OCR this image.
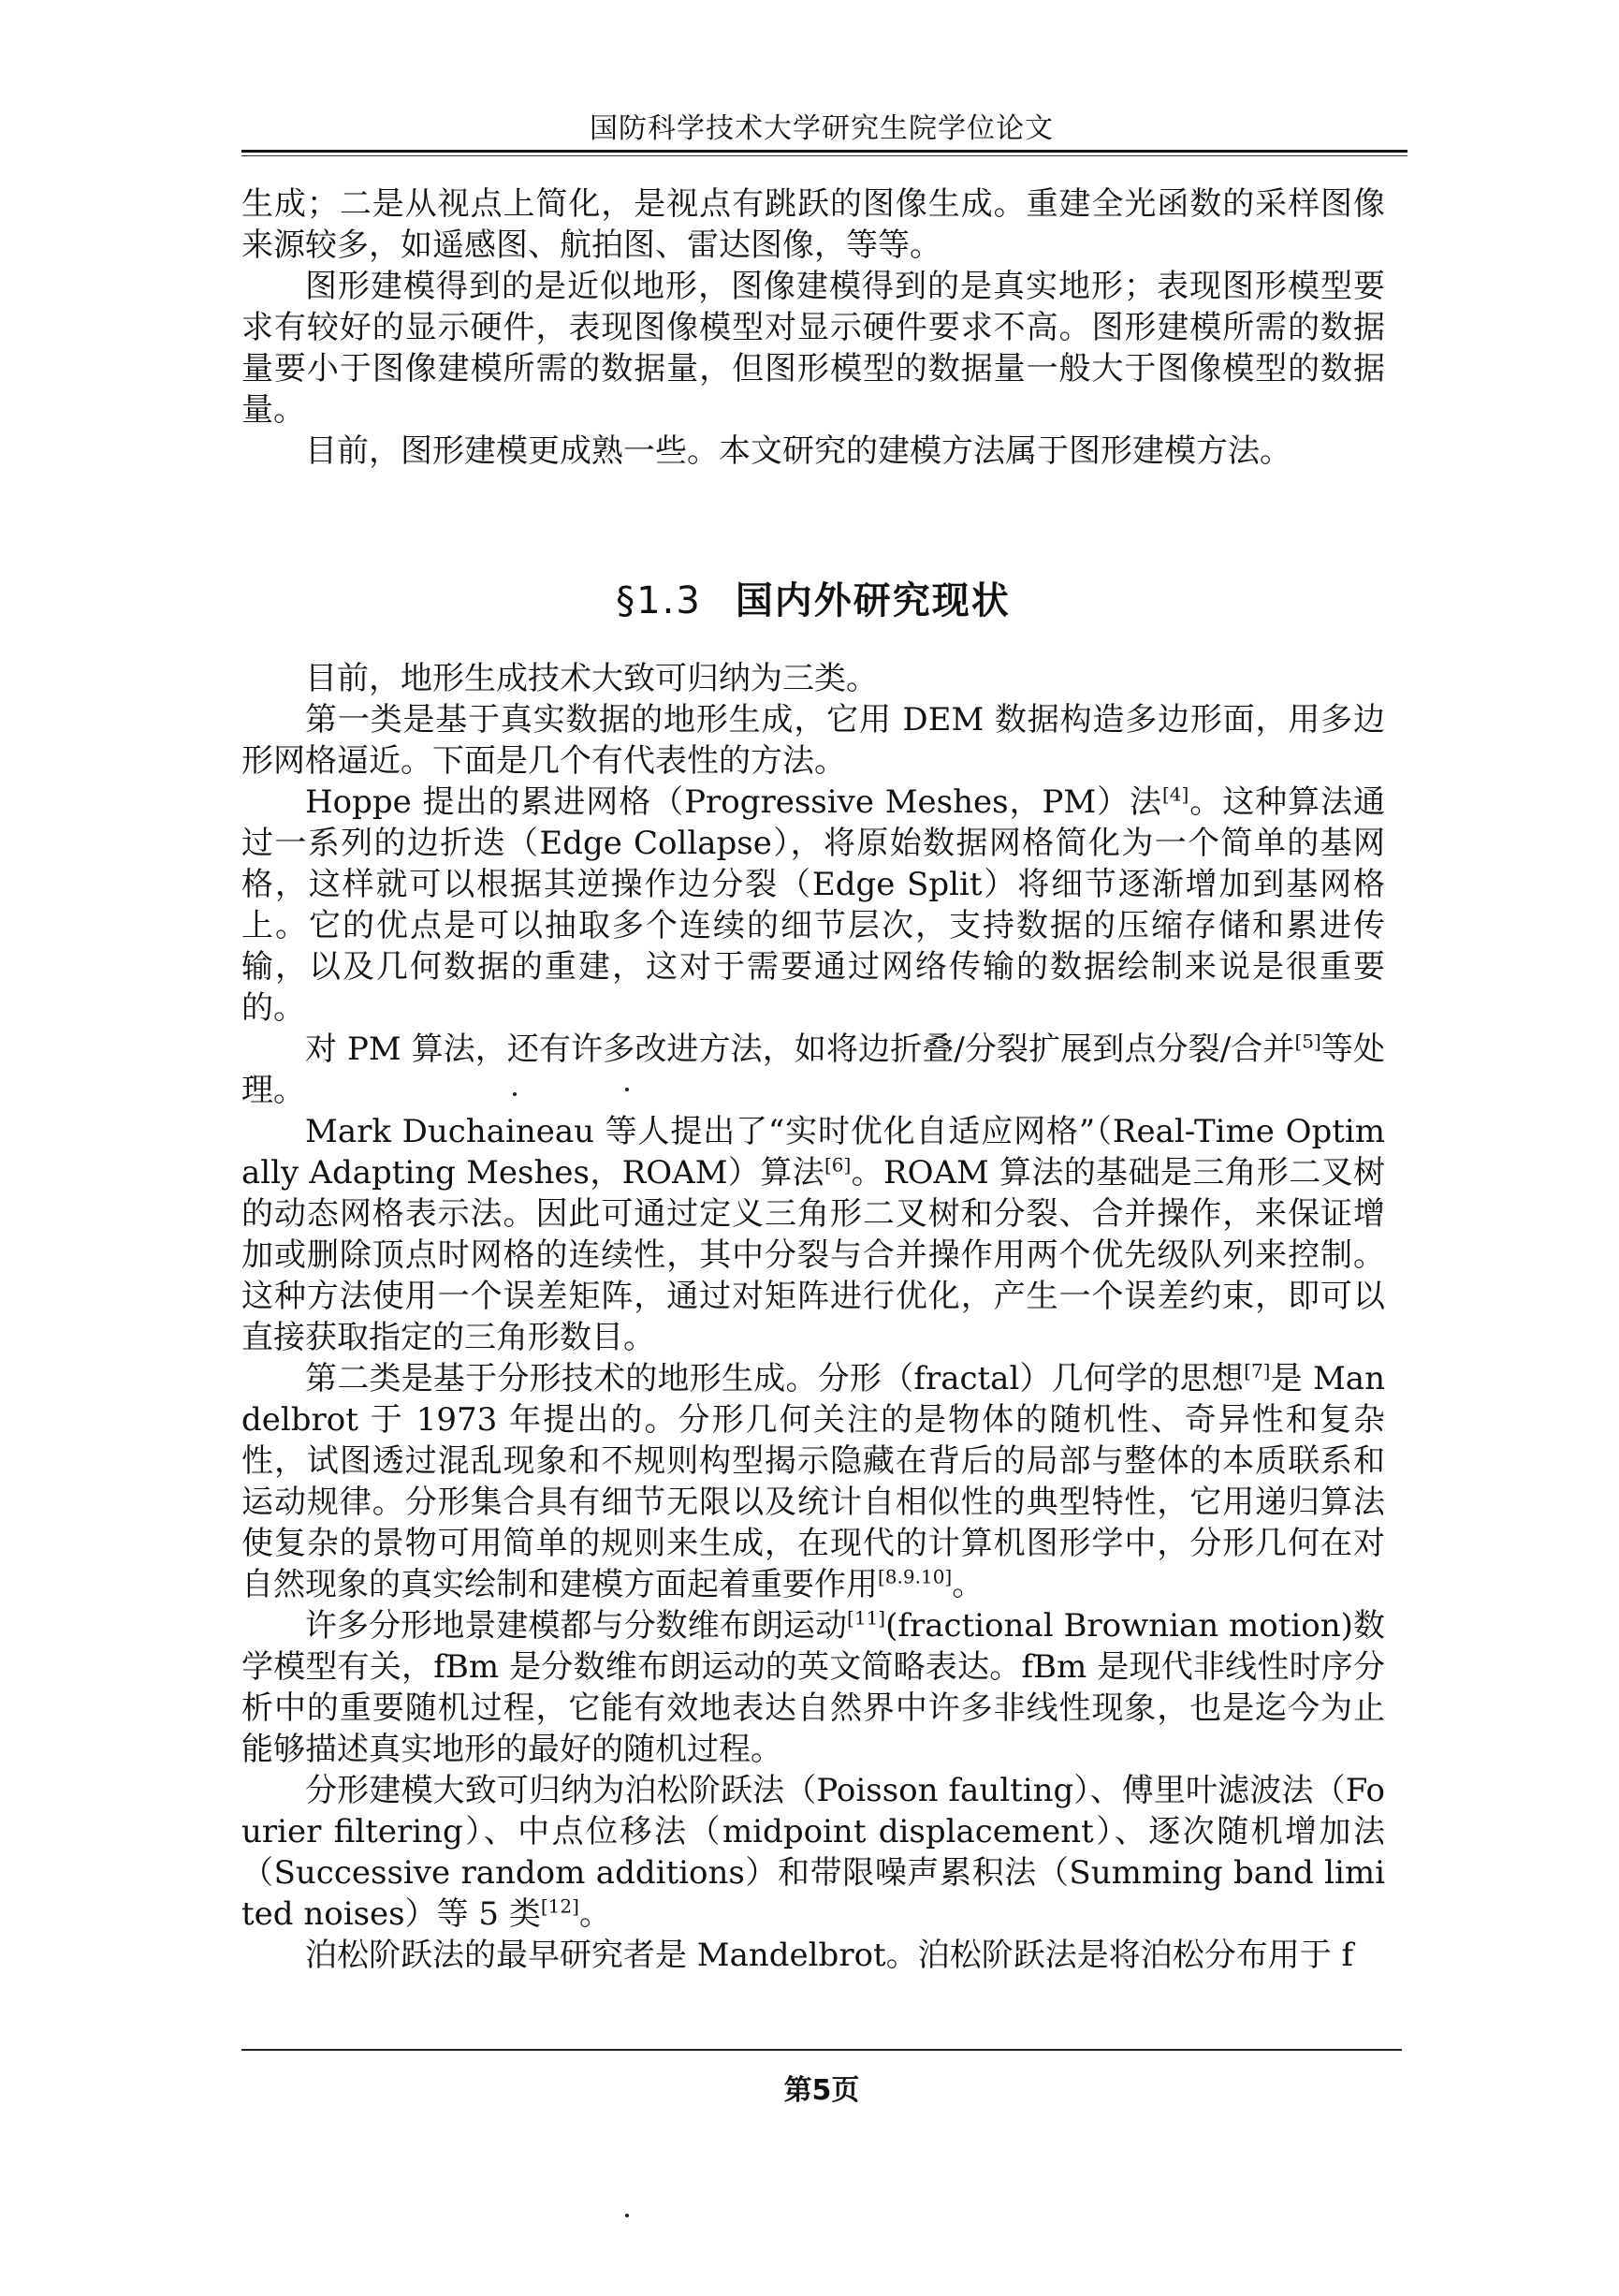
国防科学技术大学研究生院学位论文

生成；二是从视点上简化，是视点有跳跃的图像生成。重建全光函数的采样图像来源较多，如遥感图、航拍图、雷达图像，等等。

图形建模得到的是近似地形，图像建模得到的是真实地形；表现图形模型要求有较好的显示硬件，表现图像模型对显示硬件要求不高。图形建模所需的数据量要小于图像建模所需的数据量，但图形模型的数据量一般大于图像模型的数据量。

目前，图形建模更成熟一些。本文研究的建模方法属于图形建模方法。

§1.3 国内外研究现状

目前，地形生成技术大致可归纳为三类。

第一类是基于真实数据的地形生成，它用 DEM 数据构造多边形面，用多边形网格逼近。下面是几个有代表性的方法。

Hoppe 提出的累进网格（Progressive Meshes，PM）法[4]。这种算法通过一系列的边折迭（Edge Collapse），将原始数据网格简化为一个简单的基网格，这样就可以根据其逆操作边分裂（Edge Split）将细节逐渐增加到基网格上。它的优点是可以抽取多个连续的细节层次，支持数据的压缩存储和累进传输，以及几何数据的重建，这对于需要通过网络传输的数据绘制来说是很重要的。

对 PM 算法，还有许多改进方法，如将边折叠/分裂扩展到点分裂/合并[5]等处理。

Mark Duchaineau 等人提出了“实时优化自适应网格”（Real-Time Optimally Adapting Meshes，ROAM）算法[6]。ROAM 算法的基础是三角形二叉树的动态网格表示法。因此可通过定义三角形二叉树和分裂、合并操作，来保证增加或删除顶点时网格的连续性，其中分裂与合并操作用两个优先级队列来控制。这种方法使用一个误差矩阵，通过对矩阵进行优化，产生一个误差约束，即可以直接获取指定的三角形数目。

第二类是基于分形技术的地形生成。分形（fractal）几何学的思想[7]是 Mandelbrot 于 1973 年提出的。分形几何关注的是物体的随机性、奇异性和复杂性，试图透过混乱现象和不规则构型揭示隐藏在背后的局部与整体的本质联系和运动规律。分形集合具有细节无限以及统计自相似性的典型特性，它用递归算法使复杂的景物可用简单的规则来生成，在现代的计算机图形学中，分形几何在对自然现象的真实绘制和建模方面起着重要作用[8.9.10]。

许多分形地景建模都与分数维布朗运动[11](fractional Brownian motion)数学模型有关，fBm 是分数维布朗运动的英文简略表达。fBm 是现代非线性时序分析中的重要随机过程，它能有效地表达自然界中许多非线性现象，也是迄今为止能够描述真实地形的最好的随机过程。

分形建模大致可归纳为泊松阶跃法（Poisson faulting）、傅里叶滤波法（Fourier filtering）、中点位移法（midpoint displacement）、逐次随机增加法（Successive random additions）和带限噪声累积法（Summing band limited noises）等 5 类[12]。

泊松阶跃法的最早研究者是 Mandelbrot。泊松阶跃法是将泊松分布用于 f

第5页
